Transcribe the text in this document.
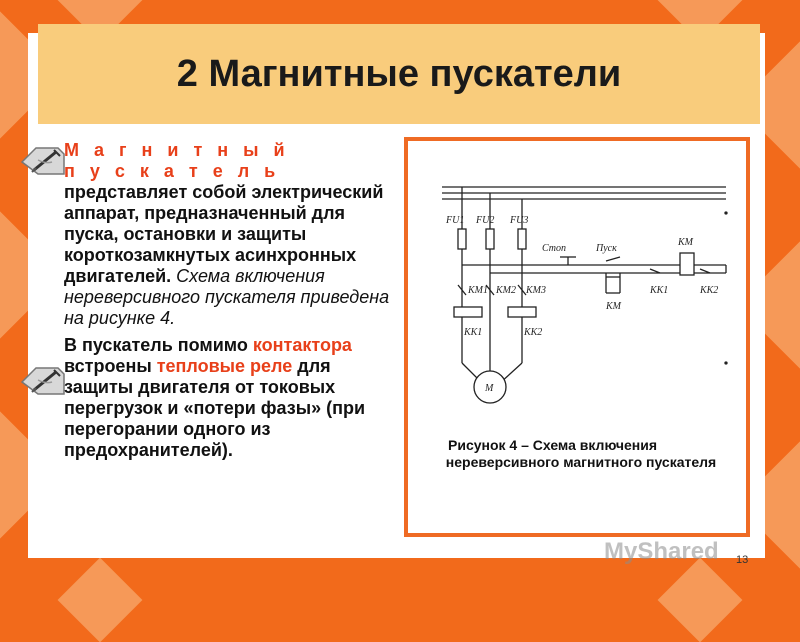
2 Магнитные пускатели

М а г н и т н ы й
п у с к а т е л ь представляет собой электрический аппарат, предназначенный для пуска, остановки и защиты короткозамкнутых асинхронных двигателей. Схема включения нереверсивного пускателя приведена на рисунке 4.

В пускатель помимо контактора встроены тепловые реле для защиты двигателя от токовых перегрузок и «потери фазы» (при перегорании одного из предохранителей).

FU1 FU2 FU3
Стоп	Пуск
КМ
КМ
КК1	КК2
КМ1 КМ2 КМ3
КК1	КК2
М
Рисунок 4 – Схема включения
нереверсивного магнитного пускателя
MyShared 13
